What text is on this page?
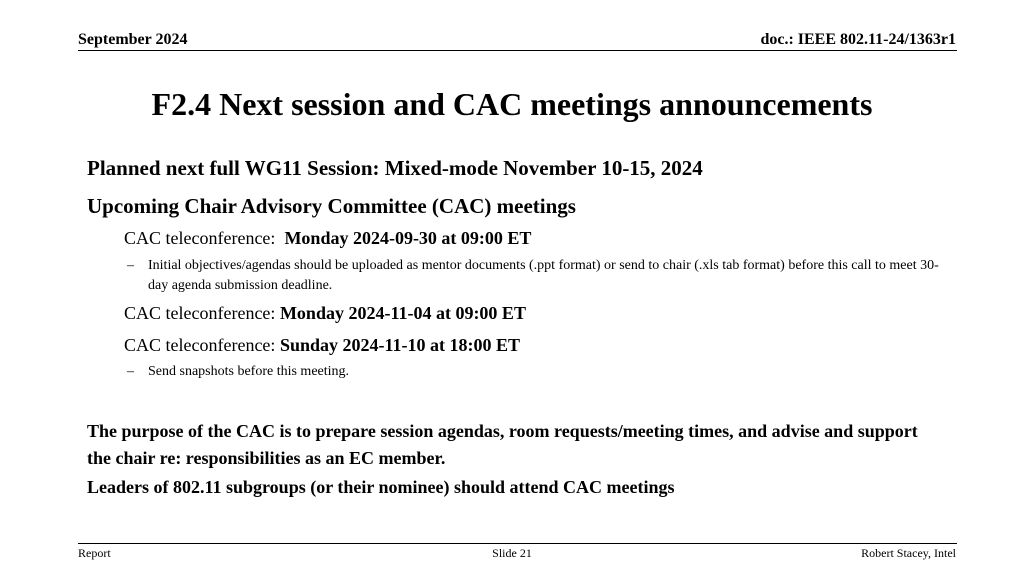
September 2024	doc.: IEEE 802.11-24/1363r1
F2.4 Next session and CAC meetings announcements
Planned next full WG11 Session: Mixed-mode November 10-15, 2024
Upcoming Chair Advisory Committee (CAC) meetings
CAC teleconference: Monday 2024-09-30 at 09:00 ET
– Initial objectives/agendas should be uploaded as mentor documents (.ppt format) or send to chair (.xls tab format) before this call to meet 30-day agenda submission deadline.
CAC teleconference: Monday 2024-11-04 at 09:00 ET
CAC teleconference: Sunday 2024-11-10 at 18:00 ET
– Send snapshots before this meeting.
The purpose of the CAC is to prepare session agendas, room requests/meeting times, and advise and support the chair re: responsibilities as an EC member.
Leaders of 802.11 subgroups (or their nominee) should attend CAC meetings
Report	Slide 21	Robert Stacey, Intel
